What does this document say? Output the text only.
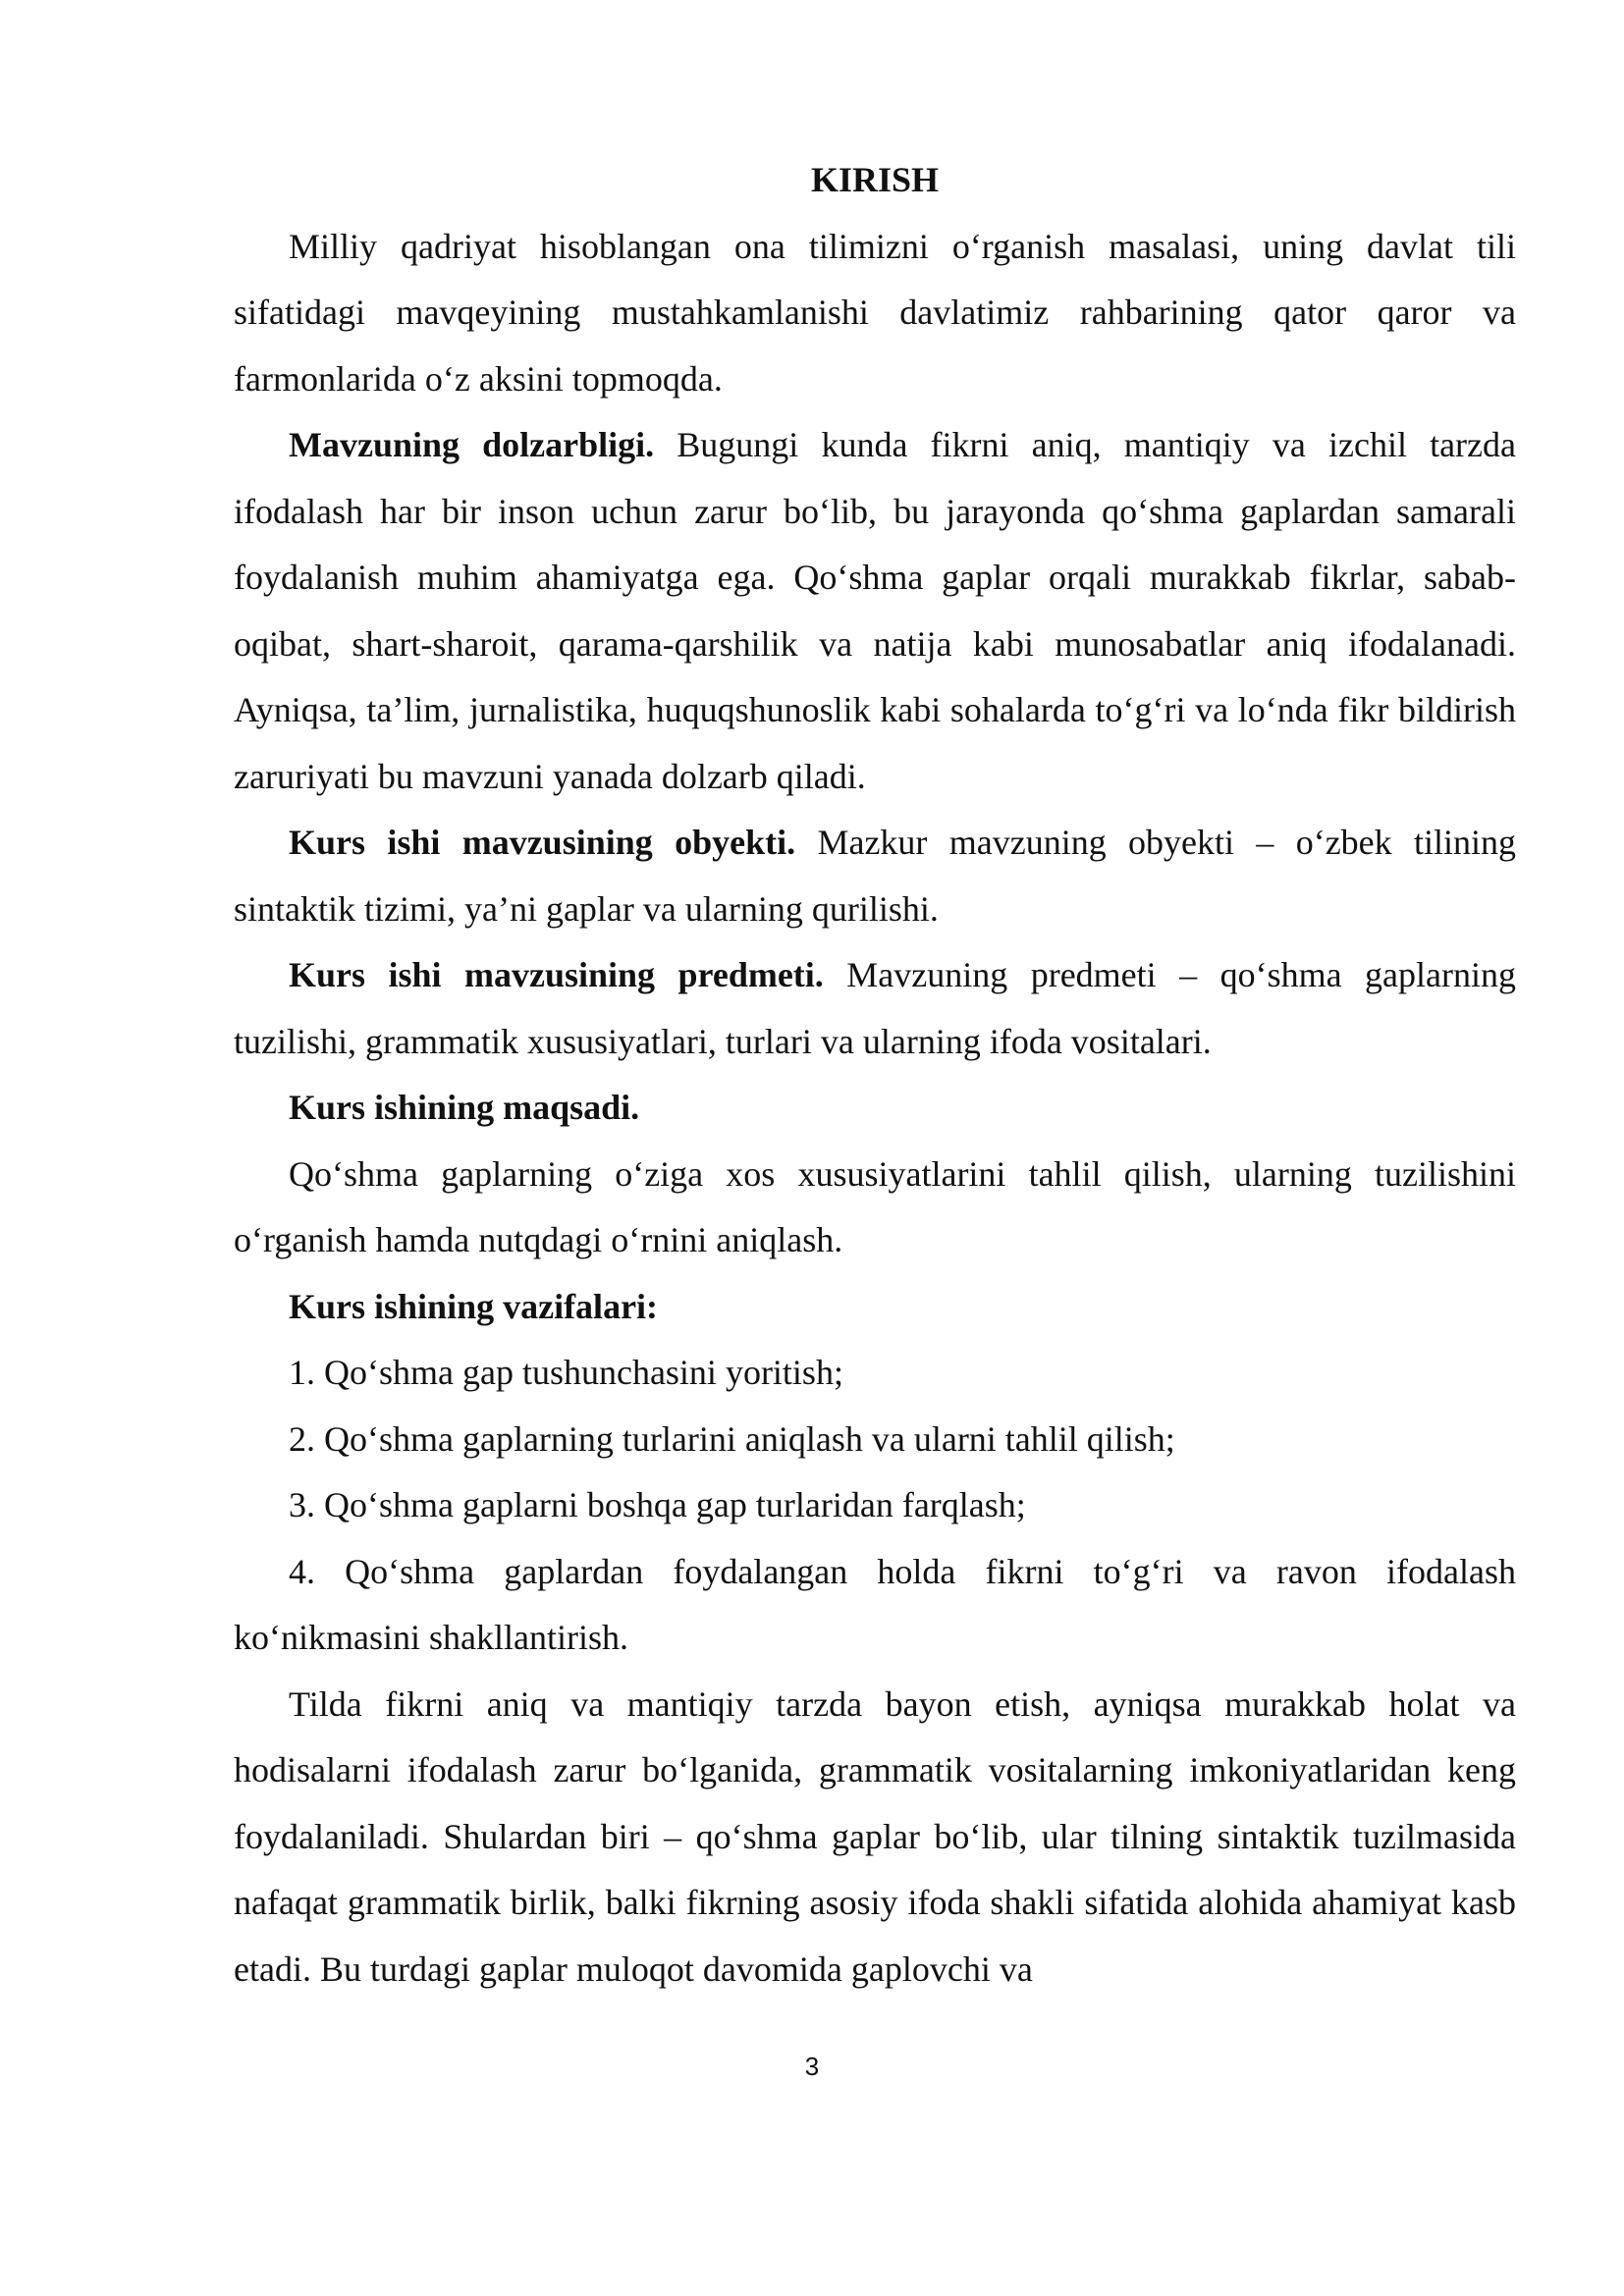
KIRISH

Milliy qadriyat hisoblangan ona tilimizni o‘rganish masalasi, uning davlat tili sifatidagi mavqeyining mustahkamlanishi davlatimiz rahbarining qator qaror va farmonlarida o‘z aksini topmoqda.

Mavzuning dolzarbligi. Bugungi kunda fikrni aniq, mantiqiy va izchil tarzda ifodalash har bir inson uchun zarur bo‘lib, bu jarayonda qo‘shma gaplardan samarali foydalanish muhim ahamiyatga ega. Qo‘shma gaplar orqali murakkab fikrlar, sabab-oqibat, shart-sharoit, qarama-qarshilik va natija kabi munosabatlar aniq ifodalanadi. Ayniqsa, ta’lim, jurnalistika, huquqshunoslik kabi sohalarda to‘g‘ri va lo‘nda fikr bildirish zaruriyati bu mavzuni yanada dolzarb qiladi.

Kurs ishi mavzusining obyekti. Mazkur mavzuning obyekti – o‘zbek tilining sintaktik tizimi, ya’ni gaplar va ularning qurilishi.

Kurs ishi mavzusining predmeti. Mavzuning predmeti – qo‘shma gaplarning tuzilishi, grammatik xususiyatlari, turlari va ularning ifoda vositalari.

Kurs ishining maqsadi.

Qo‘shma gaplarning o‘ziga xos xususiyatlarini tahlil qilish, ularning tuzilishini o‘rganish hamda nutqdagi o‘rnini aniqlash.

Kurs ishining vazifalari:

1. Qo‘shma gap tushunchasini yoritish;

2. Qo‘shma gaplarning turlarini aniqlash va ularni tahlil qilish;

3. Qo‘shma gaplarni boshqa gap turlaridan farqlash;

4. Qo‘shma gaplardan foydalangan holda fikrni to‘g‘ri va ravon ifodalash ko‘nikmasini shakllantirish.

Tilda fikrni aniq va mantiqiy tarzda bayon etish, ayniqsa murakkab holat va hodisalarni ifodalash zarur bo‘lganida, grammatik vositalarning imkoniyatlaridan keng foydalaniladi. Shulardan biri – qo‘shma gaplar bo‘lib, ular tilning sintaktik tuzilmasida nafaqat grammatik birlik, balki fikrning asosiy ifoda shakli sifatida alohida ahamiyat kasb etadi. Bu turdagi gaplar muloqot davomida gaplovchi va

3
